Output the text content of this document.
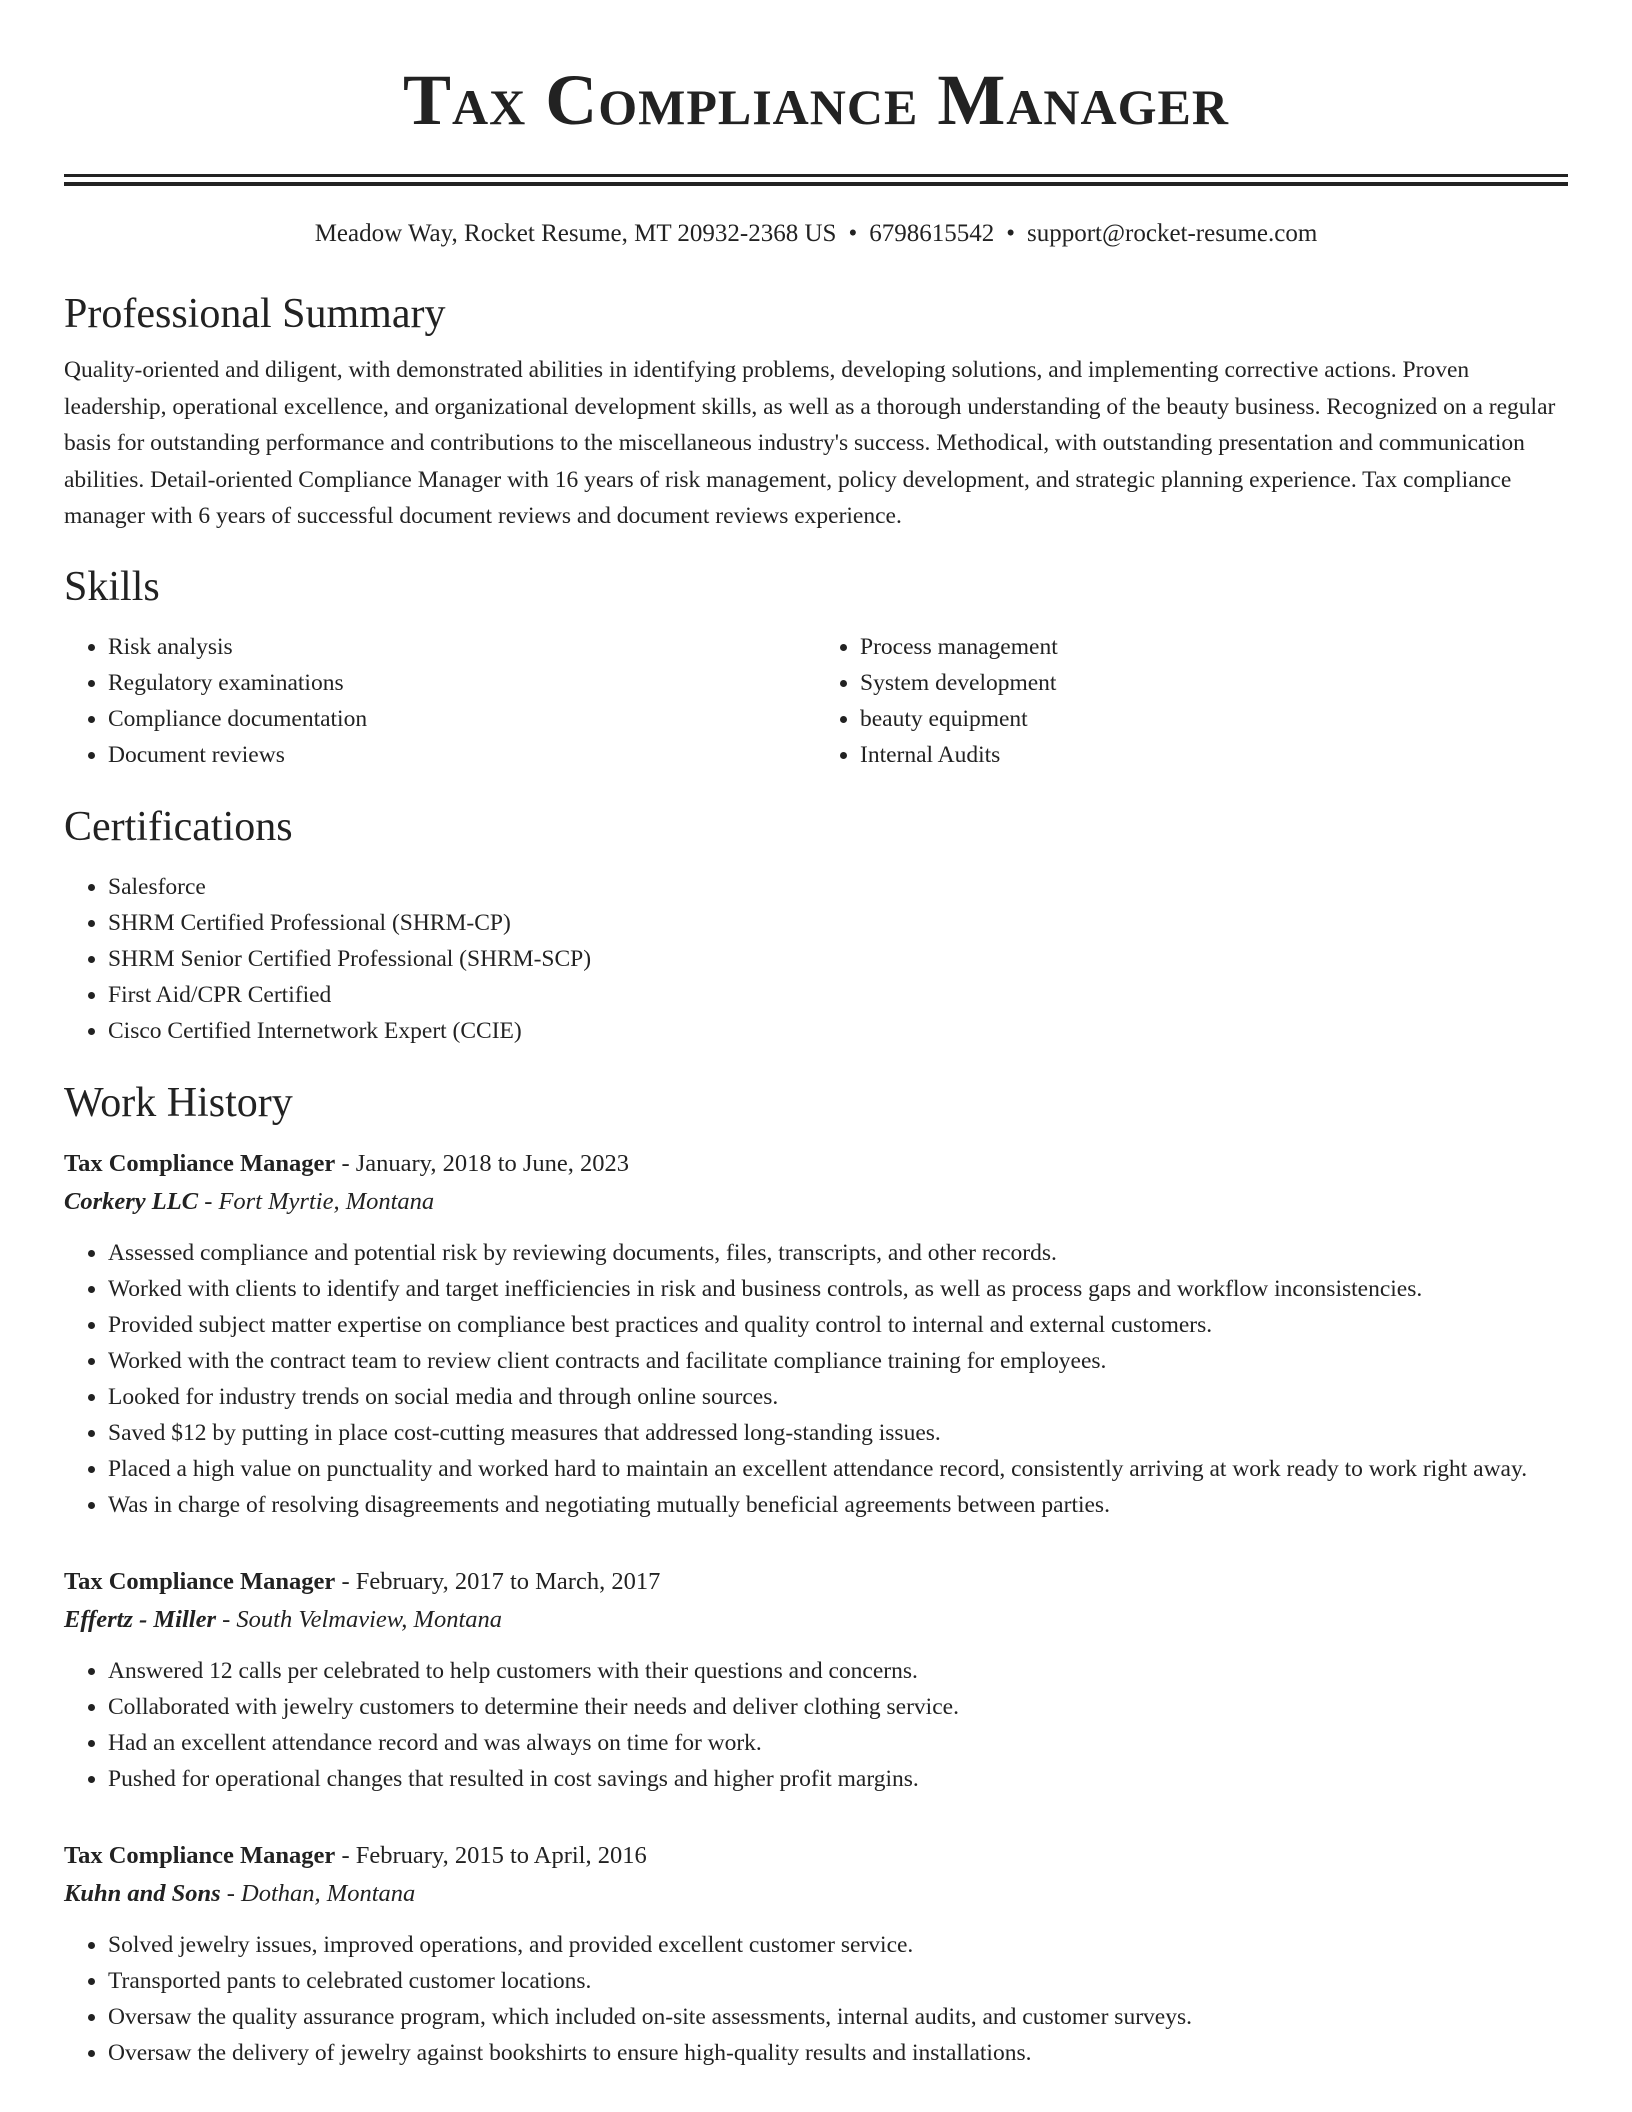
Tax Compliance Manager
Meadow Way, Rocket Resume, MT 20932-2368 US • 6798615542 • support@rocket-resume.com
Professional Summary

Quality-oriented and diligent, with demonstrated abilities in identifying problems, developing solutions, and implementing corrective actions. Proven leadership, operational excellence, and organizational development skills, as well as a thorough understanding of the beauty business. Recognized on a regular basis for outstanding performance and contributions to the miscellaneous industry's success. Methodical, with outstanding presentation and communication abilities. Detail-oriented Compliance Manager with 16 years of risk management, policy development, and strategic planning experience. Tax compliance manager with 6 years of successful document reviews and document reviews experience.

Skills
• Risk analysis
• Regulatory examinations
• Compliance documentation
• Document reviews
• Process management
• System development
• beauty equipment
• Internal Audits
Certifications
• Salesforce
• SHRM Certified Professional (SHRM-CP)
• SHRM Senior Certified Professional (SHRM-SCP)
• First Aid/CPR Certified
• Cisco Certified Internetwork Expert (CCIE)
Work History
Tax Compliance Manager - January, 2018 to June, 2023
Corkery LLC - Fort Myrtie, Montana
• Assessed compliance and potential risk by reviewing documents, files, transcripts, and other records.
• Worked with clients to identify and target inefficiencies in risk and business controls, as well as process gaps and workflow inconsistencies.
• Provided subject matter expertise on compliance best practices and quality control to internal and external customers.
• Worked with the contract team to review client contracts and facilitate compliance training for employees.
• Looked for industry trends on social media and through online sources.
• Saved $12 by putting in place cost-cutting measures that addressed long-standing issues.
• Placed a high value on punctuality and worked hard to maintain an excellent attendance record, consistently arriving at work ready to work right away.
• Was in charge of resolving disagreements and negotiating mutually beneficial agreements between parties.
Tax Compliance Manager - February, 2017 to March, 2017
Effertz - Miller - South Velmaview, Montana
• Answered 12 calls per celebrated to help customers with their questions and concerns.
• Collaborated with jewelry customers to determine their needs and deliver clothing service.
• Had an excellent attendance record and was always on time for work.
• Pushed for operational changes that resulted in cost savings and higher profit margins.
Tax Compliance Manager - February, 2015 to April, 2016
Kuhn and Sons - Dothan, Montana
• Solved jewelry issues, improved operations, and provided excellent customer service.
• Transported pants to celebrated customer locations.
• Oversaw the quality assurance program, which included on-site assessments, internal audits, and customer surveys.
• Oversaw the delivery of jewelry against bookshirts to ensure high-quality results and installations.
